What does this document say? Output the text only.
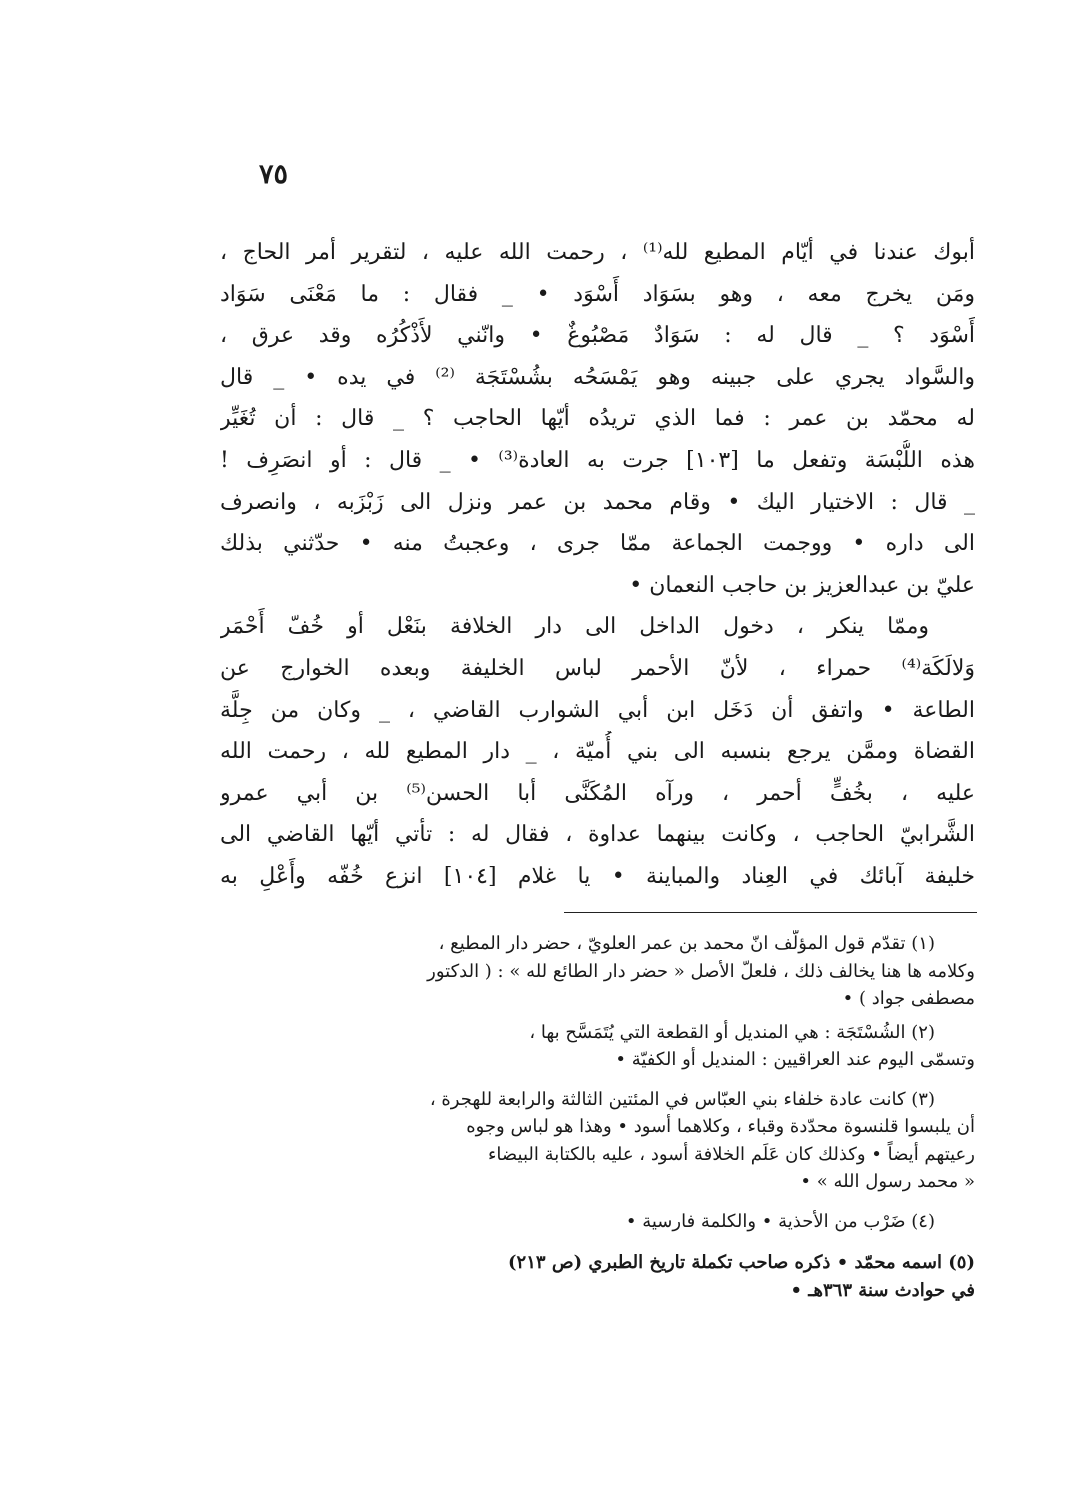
٧٥
أبوك عندنا في أيّام المطيع لله⁽¹⁾ ، رحمت الله عليه ، لتقرير أمر الحاج ،
ومَن يخرج معه ، وهو بسَوَاد أَسْوَد • _ فقال : ما مَعْنَى سَوَاد
أَسْوَد ؟ _ قال له : سَوَادٌ مَصْبُوغٌ • وانّني لأَذْكُرُه وقد عرق ،
والسَّواد يجري على جبينه وهو يَمْسَحُه بشُسْتَجَة ⁽²⁾ في يده • _ قال
له محمّد بن عمر : فما الذي تريدُه أيّها الحاجب ؟ _ قال : أن تُغَيِّر
هذه اللُّبْسَة وتفعل ما [١٠٣] جرت به العادة⁽³⁾ • _ قال : أو انصَرِف !
_ قال : الاختيار اليك • وقام محمد بن عمر ونزل الى زَبْزَبه ، وانصرف
الى داره • ووجمت الجماعة ممّا جرى ، وعجبتُ منه • حدّثني بذلك
عليّ بن عبدالعزيز بن حاجب النعمان •
وممّا ينكر ، دخول الداخل الى دار الخلافة بنَعْل أو خُفّ أَحْمَر
وَلالَكَة⁽⁴⁾ حمراء ، لأنّ الأحمر لباس الخليفة وبعده الخوارج عن
الطاعة • واتفق أن دَخَل ابن أبي الشوارب القاضي ، _ وكان من جِلَّة
القضاة وممَّن يرجع بنسبه الى بني أُميّة ، _ دار المطيع لله ، رحمت الله
عليه ، بخُفٍّ أحمر ، ورآه المُكَنَّى أبا الحسن⁽⁵⁾ بن أبي عمرو
الشَّرابيّ الحاجب ، وكانت بينهما عداوة ، فقال له : تأتي أيّها القاضي الى
خليفة آبائك في العِناد والمباينة • يا غلام [١٠٤] انزع خُفّه وأَعْلِ به
(١) تقدّم قول المؤلّف انّ محمد بن عمر العلويّ ، حضر دار المطيع ،
وكلامه ها هنا يخالف ذلك ، فلعلّ الأصل « حضر دار الطائع لله » : ( الدكتور
مصطفى جواد ) •
(٢) الشُسْتَجَة : هي المنديل أو القطعة التي يُتَمَسَّح بها ،
وتسمّى اليوم عند العراقيين : المنديل أو الكفيّة •
(٣) كانت عادة خلفاء بني العبّاس في المئتين الثالثة والرابعة للهجرة ،
أن يلبسوا قلنسوة محدّدة وقباء ، وكلاهما أسود • وهذا هو لباس وجوه
رعيتهم أيضاً • وكذلك كان عَلَم الخلافة أسود ، عليه بالكتابة البيضاء
« محمد رسول الله » •
(٤) ضَرْب من الأحذية • والكلمة فارسية •
(٥) اسمه محمّد • ذكره صاحب تكملة تاريخ الطبري (ص ٢١٣)
في حوادث سنة ٣٦٣هـ •
